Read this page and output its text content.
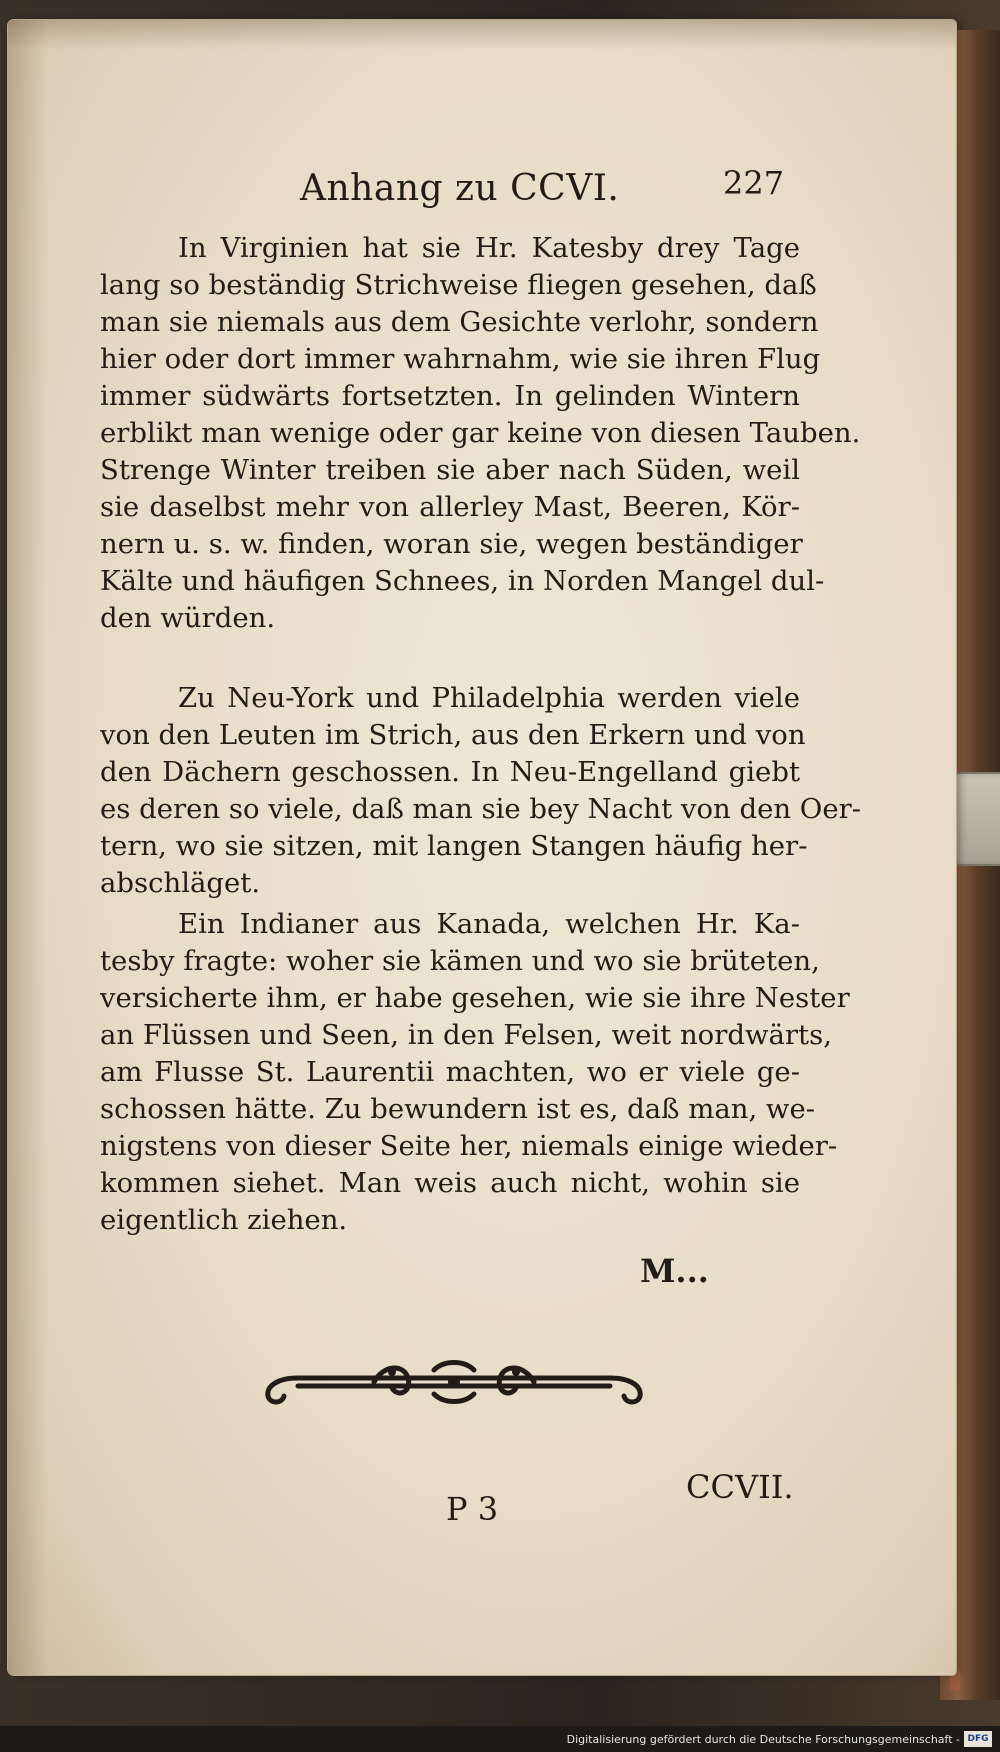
Anhang zu CCVI.	227
In Virginien hat sie Hr. Katesby drey Tage
lang so beständig Strichweise fliegen gesehen, daß
man sie niemals aus dem Gesichte verlohr, sondern
hier oder dort immer wahrnahm, wie sie ihren Flug
immer südwärts fortsetzten. In gelinden Wintern
erblikt man wenige oder gar keine von diesen Tauben.
Strenge Winter treiben sie aber nach Süden, weil
sie daselbst mehr von allerley Mast, Beeren, Kör-
nern u. s. w. finden, woran sie, wegen beständiger
Kälte und häufigen Schnees, in Norden Mangel dul-
den würden.
Zu Neu-York und Philadelphia werden viele
von den Leuten im Strich, aus den Erkern und von
den Dächern geschossen. In Neu-Engelland giebt
es deren so viele, daß man sie bey Nacht von den Oer-
tern, wo sie sitzen, mit langen Stangen häufig her-
abschläget.
Ein Indianer aus Kanada, welchen Hr. Ka-
tesby fragte: woher sie kämen und wo sie brüteten,
versicherte ihm, er habe gesehen, wie sie ihre Nester
an Flüssen und Seen, in den Felsen, weit nordwärts,
am Flusse St. Laurentii machten, wo er viele ge-
schossen hätte. Zu bewundern ist es, daß man, we-
nigstens von dieser Seite her, niemals einige wieder-
kommen siehet. Man weis auch nicht, wohin sie
eigentlich ziehen.
M...
P 3
CCVII.
Digitalisierung gefördert durch die Deutsche Forschungsgemeinschaft - DFG
